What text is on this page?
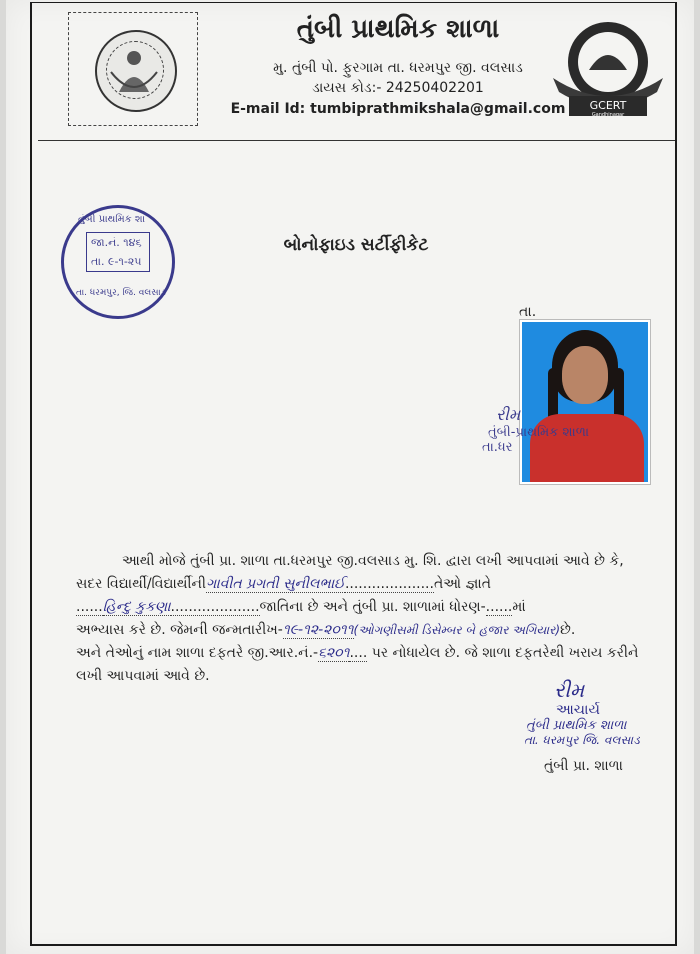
તુંબી પ્રાથમિક શાળા
મુ. તુંબી પો. ફુરગામ તા. ધરમપુર જી. વલસાડ
ડાયસ કોડ:- 24250402201
E-mail Id: tumbiprathmikshala@gmail.com	GCERT
Gandhinagar
તુંબી પ્રાથમિક શા
જા.નં. ૧૪૬
તા. ૯-૧-૨૫
તા. ધરમપુર, જિ. વલસાડ
બોનોફાઇડ સર્ટીફીકેટ
તા.
રીમ
તુંબી-પ્રાથમિક શાળા
તા.ધર
આથી મોજે તુંબી પ્રા. શાળા તા.ધરમપુર જી.વલસાડ મુ. શિ. દ્વારા લખી આપવામાં આવે છે કે,
સદર વિદ્યાર્થી/વિદ્યાર્થીનીગાવીત પ્રગતી સુનીલભાઈ....................તેઓ જ્ઞાતે
......હિન્દુ કુકણા....................જાતિના છે અને તુંબી પ્રા. શાળામાં ધોરણ-......માં
અભ્યાસ કરે છે. જેમની જન્મતારીખ-૧૯-૧૨-૨૦૧૧(ઓગણીસમી ડિસેમ્બર બે હજાર અગિયાર)છે.
અને તેઓનું નામ શાળા દફતરે જી.આર.નં.-૬૨૦૧.... પર નોધાયેલ છે. જે શાળા દફતરેથી ખરાય કરીને
લખી આપવામાં આવે છે.
રીમ
આચાર્ય
તુંબી પ્રાથમિક શાળા
તા. ધરમપુર જિ. વલસાડ
તુંબી પ્રા. શાળા
